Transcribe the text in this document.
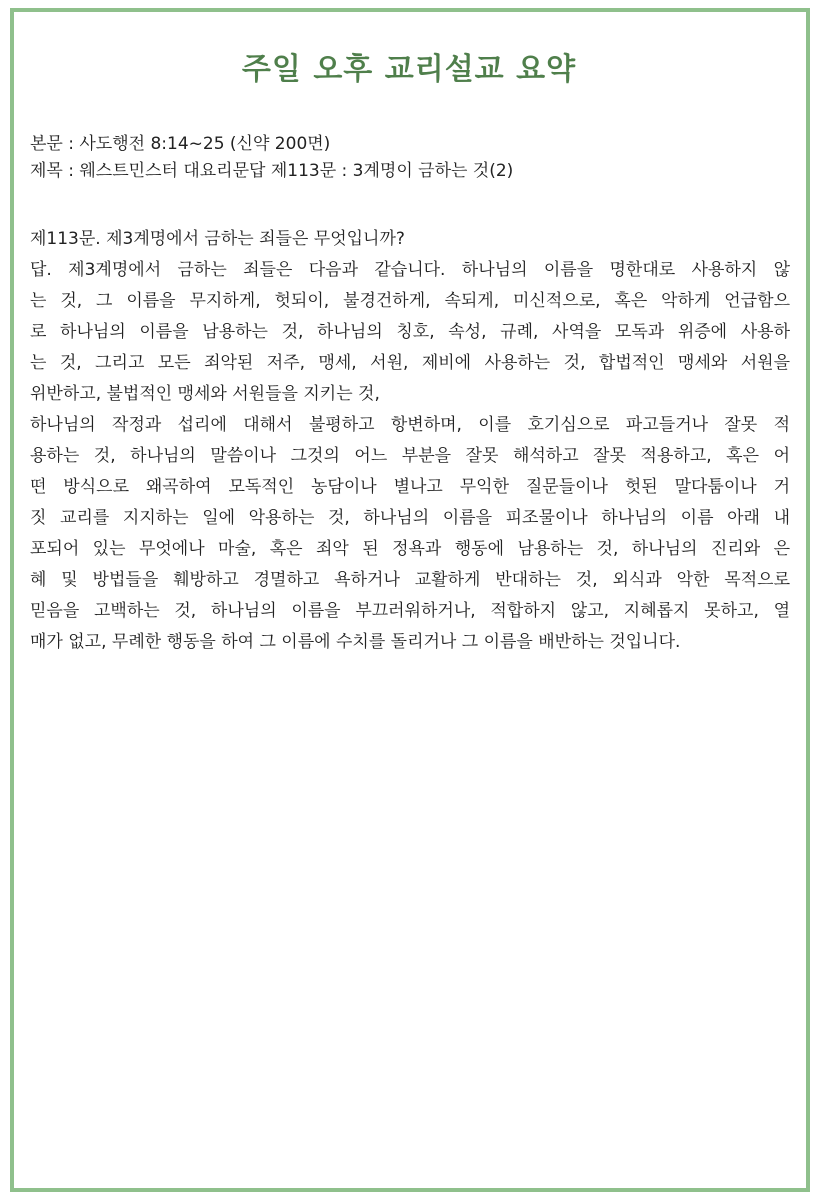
주일 오후 교리설교 요약
본문 : 사도행전 8:14~25 (신약 200면)
제목 : 웨스트민스터 대요리문답 제113문 : 3계명이 금하는 것(2)
제113문. 제3계명에서 금하는 죄들은 무엇입니까?
답. 제3계명에서 금하는 죄들은 다음과 같습니다. 하나님의 이름을 명한대로 사용하지 않
는 것, 그 이름을 무지하게, 헛되이, 불경건하게, 속되게, 미신적으로, 혹은 악하게 언급함으
로 하나님의 이름을 남용하는 것, 하나님의 칭호, 속성, 규례, 사역을 모독과 위증에 사용하
는 것, 그리고 모든 죄악된 저주, 맹세, 서원, 제비에 사용하는 것, 합법적인 맹세와 서원을
위반하고, 불법적인 맹세와 서원들을 지키는 것,
하나님의 작정과 섭리에 대해서 불평하고 항변하며, 이를 호기심으로 파고들거나 잘못 적
용하는 것, 하나님의 말씀이나 그것의 어느 부분을 잘못 해석하고 잘못 적용하고, 혹은 어
떤 방식으로 왜곡하여 모독적인 농담이나 별나고 무익한 질문들이나 헛된 말다툼이나 거
짓 교리를 지지하는 일에 악용하는 것, 하나님의 이름을 피조물이나 하나님의 이름 아래 내
포되어 있는 무엇에나 마술, 혹은 죄악 된 정욕과 행동에 남용하는 것, 하나님의 진리와 은
혜 및 방법들을 훼방하고 경멸하고 욕하거나 교활하게 반대하는 것, 외식과 악한 목적으로
믿음을 고백하는 것, 하나님의 이름을 부끄러워하거나, 적합하지 않고, 지혜롭지 못하고, 열
매가 없고, 무례한 행동을 하여 그 이름에 수치를 돌리거나 그 이름을 배반하는 것입니다.
